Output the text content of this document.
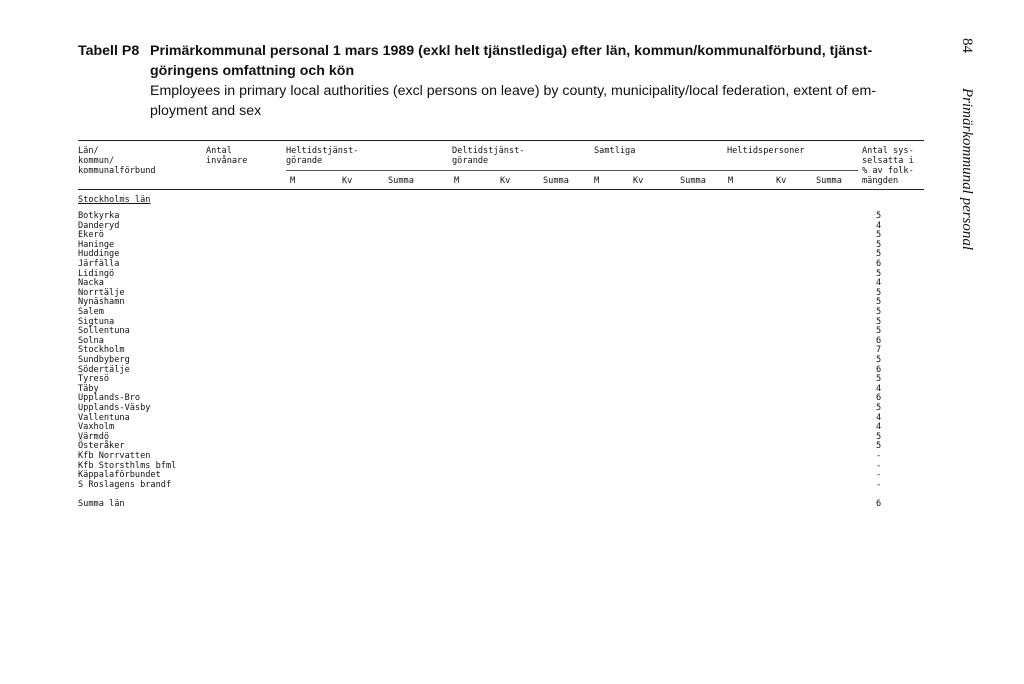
Tabell P8 Primärkommunal personal 1 mars 1989 (exkl helt tjänstlediga) efter län, kommun/kommunalförbund, tjänst-
göringens omfattning och kön
Employees in primary local authorities (excl persons on leave) by county, municipality/local federation, extent of em-
ployment and sex
84
Primärkommunal personal
Län/
kommun/
kommunalförbund
Antal
invånare
Heltidstjänst-
görande
Deltidstjänst-
görande
Samtliga	Heltidspersoner	Antal sys-
selsatta i
% av folk-
mängden
M	Kv	Summa	M	Kv	Summa	M	Kv	Summa	M	Kv	Summa
Stockholms län
Botkyrka	5
Danderyd	4
Ekerö	5
Haninge	5
Huddinge	5
Järfälla	6
Lidingö	5
Nacka	4
Norrtälje	5
Nynäshamn	5
Salem	5
Sigtuna	5
Sollentuna	5
Solna	6
Stockholm	7
Sundbyberg	5
Södertälje	6
Tyresö	5
Täby	4
Upplands-Bro	6
Upplands-Väsby	5
Vallentuna	4
Vaxholm	4
Värmdö	5
Österåker	5
Kfb Norrvatten	-
Kfb Storsthlms bfml	-
Käppalaförbundet	-
S Roslagens brandf	-
Summa län	6
